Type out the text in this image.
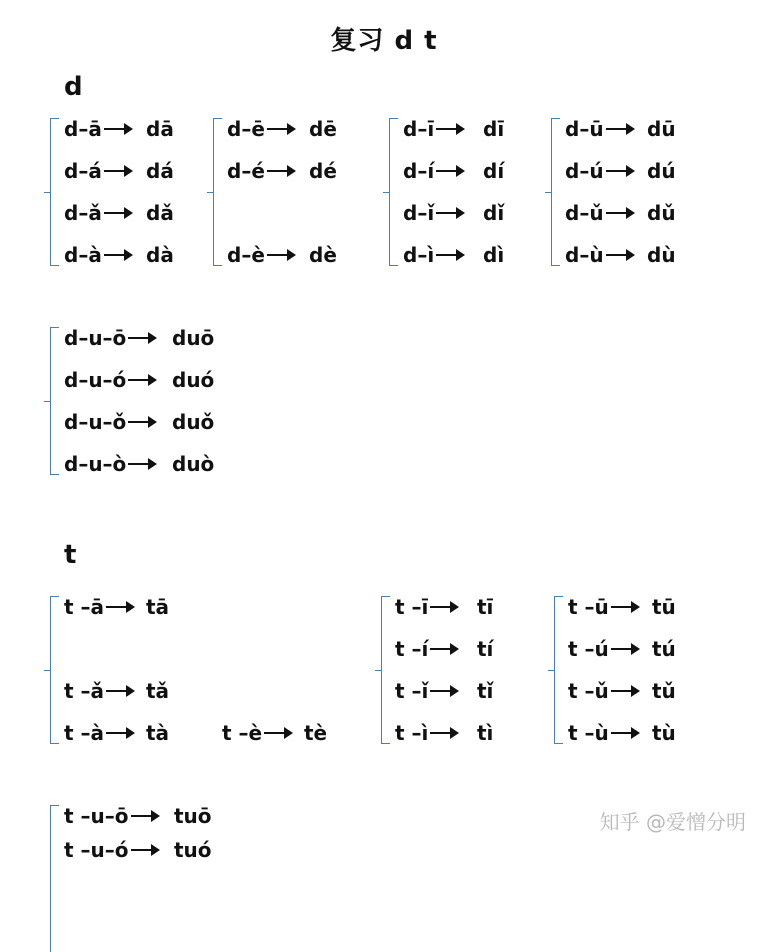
复习 d t
d
d–ā dā
d–á dá
d–ǎ dǎ
d–à dà
d–ē dē
d–é dé
d–è dè
d–ī dī
d–í dí
d–ǐ dǐ
d–ì dì
d–ū dū
d–ú dú
d–ǔ dǔ
d–ù dù
d–u–ō duō
d–u–ó duó
d–u–ǒ duǒ
d–u–ò duò
t
t –ā tā
t –ǎ tǎ
t –à tà	t –è tè
t –ī tī
t –í tí
t –ǐ tǐ
t –ì tì
t –ū tū
t –ú tú
t –ǔ tǔ
t –ù tù
t –u–ō tuō
t –u–ó tuó
知乎 @爱憎分明
